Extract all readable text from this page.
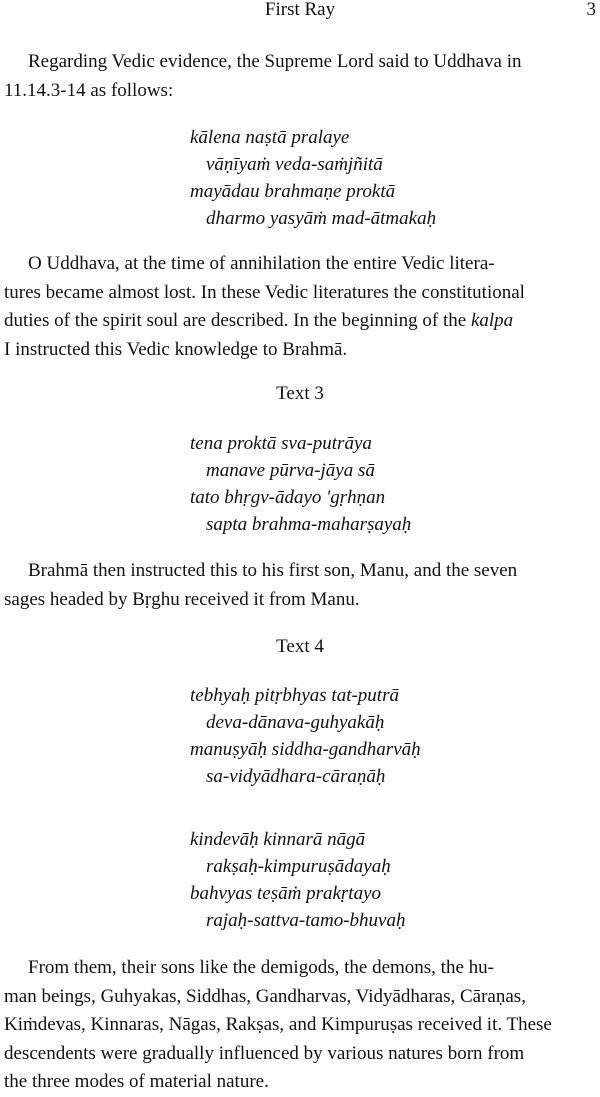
First Ray	3

Regarding Vedic evidence, the Supreme Lord said to Uddhava in
11.14.3-14 as follows:

kālena naṣtā pralaye
vāṇīyaṁ veda-saṁjñitā
mayādau brahmaṇe proktā
dharmo yasyāṁ mad-ātmakaḥ

O Uddhava, at the time of annihilation the entire Vedic litera-
tures became almost lost. In these Vedic literatures the constitutional
duties of the spirit soul are described. In the beginning of the kalpa
I instructed this Vedic knowledge to Brahmā.

Text 3
tena proktā sva-putrāya
manave pūrva-jāya sā
tato bhṛgv-ādayo 'gṛhṇan
sapta brahma-maharṣayaḥ

Brahmā then instructed this to his first son, Manu, and the seven
sages headed by Bṛghu received it from Manu.

Text 4
tebhyaḥ pitṛbhyas tat-putrā
deva-dānava-guhyakāḥ
manuṣyāḥ siddha-gandharvāḥ
sa-vidyādhara-cāraṇāḥ
kindevāḥ kinnarā nāgā
rakṣaḥ-kimpuruṣādayaḥ
bahvyas teṣāṁ prakṛtayo
rajaḥ-sattva-tamo-bhuvaḥ

From them, their sons like the demigods, the demons, the hu-
man beings, Guhyakas, Siddhas, Gandharvas, Vidyādharas, Cāraṇas,
Kiṁdevas, Kinnaras, Nāgas, Rakṣas, and Kimpuruṣas received it. These
descendents were gradually influenced by various natures born from
the three modes of material nature.
